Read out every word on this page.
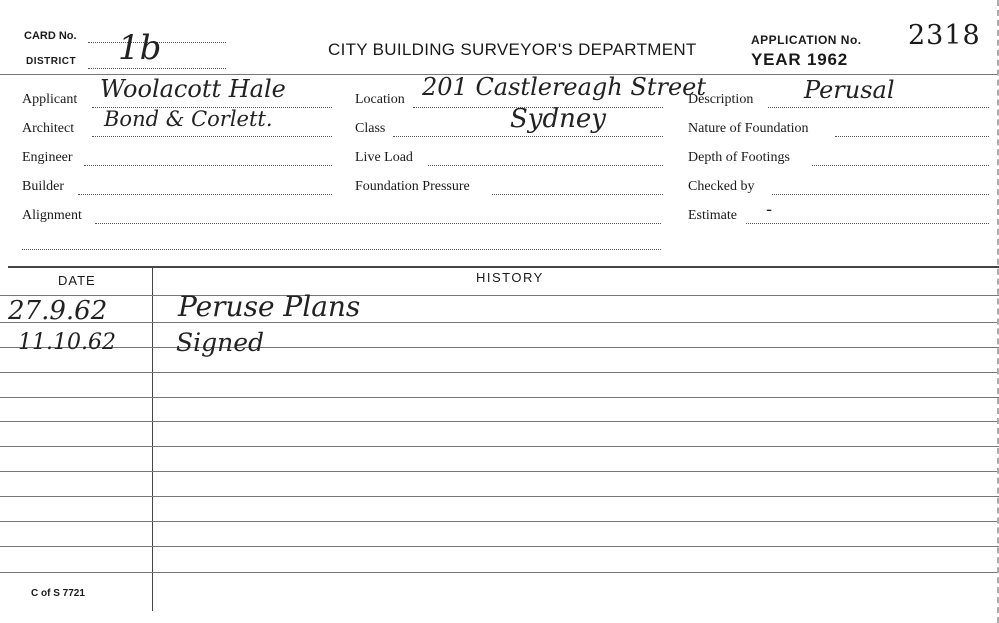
CARD No.
DISTRICT 1b	CITY BUILDING SURVEYOR'S DEPARTMENT	APPLICATION No. 2318
YEAR 1962
Applicant Woolacott Hale
Architect Bond & Corlett.
Engineer
Builder
Alignment
Location 201 Castlereagh Street
Class	Sydney
Live Load
Foundation Pressure
Description Perusal
Nature of Foundation
Depth of Footings
Checked by
Estimate -
DATE	HISTORY
27.9.62	Peruse Plans
11.10.62 Signed
C of S 7721
